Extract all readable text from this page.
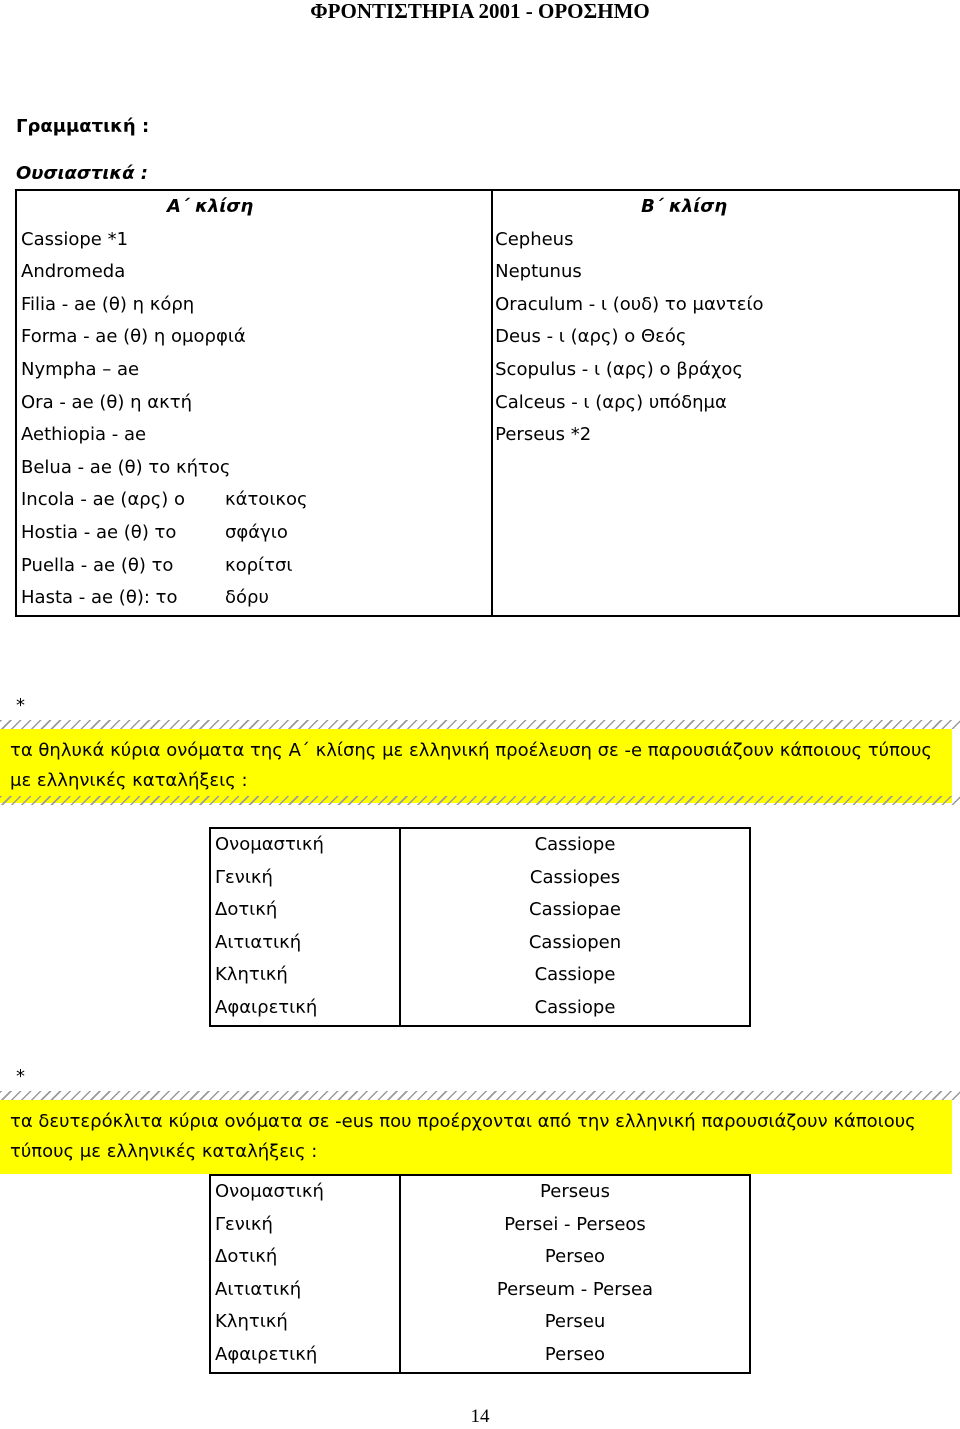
ΦΡΟΝΤΙΣΤΗΡΙΑ 2001 - ΟΡΟΣΗΜΟ
Γραμματική :
Ουσιαστικά :
Α΄ κλίση	Β΄ κλίση
Cassiope *1	Cepheus
Andromeda	Neptunus
Filia - ae (θ) η κόρη	Oraculum - ι (ουδ) το μαντείο
Forma - ae (θ) η ομορφιά	Deus - ι (αρς) ο Θεός
Nympha – ae	Scopulus - ι (αρς) ο βράχος
Ora - ae (θ) η ακτή	Calceus - ι (αρς) υπόδημα
Aethiopia - ae	Perseus *2
Belua - ae (θ) το κήτος	
Incola - ae (αρς) ο κάτοικος	
Hostia - ae (θ) το σφάγιο	
Puella - ae (θ) το κορίτσι	
Hasta - ae (θ): το δόρυ	
*
τα θηλυκά κύρια ονόματα της Α΄ κλίσης με ελληνική προέλευση σε -e παρουσιάζουν κάποιους τύπους με ελληνικές καταλήξεις :
Ονομαστική	Cassiope
Γενική	Cassiopes
Δοτική	Cassiopae
Αιτιατική	Cassiopen
Κλητική	Cassiope
Αφαιρετική	Cassiope
*
τα δευτερόκλιτα κύρια ονόματα σε -eus που προέρχονται από την ελληνική παρουσιάζουν κάποιους τύπους με ελληνικές καταλήξεις :
Ονομαστική	Perseus
Γενική	Persei - Perseos
Δοτική	Perseo
Αιτιατική	Perseum - Persea
Κλητική	Perseu
Αφαιρετική	Perseo
14
